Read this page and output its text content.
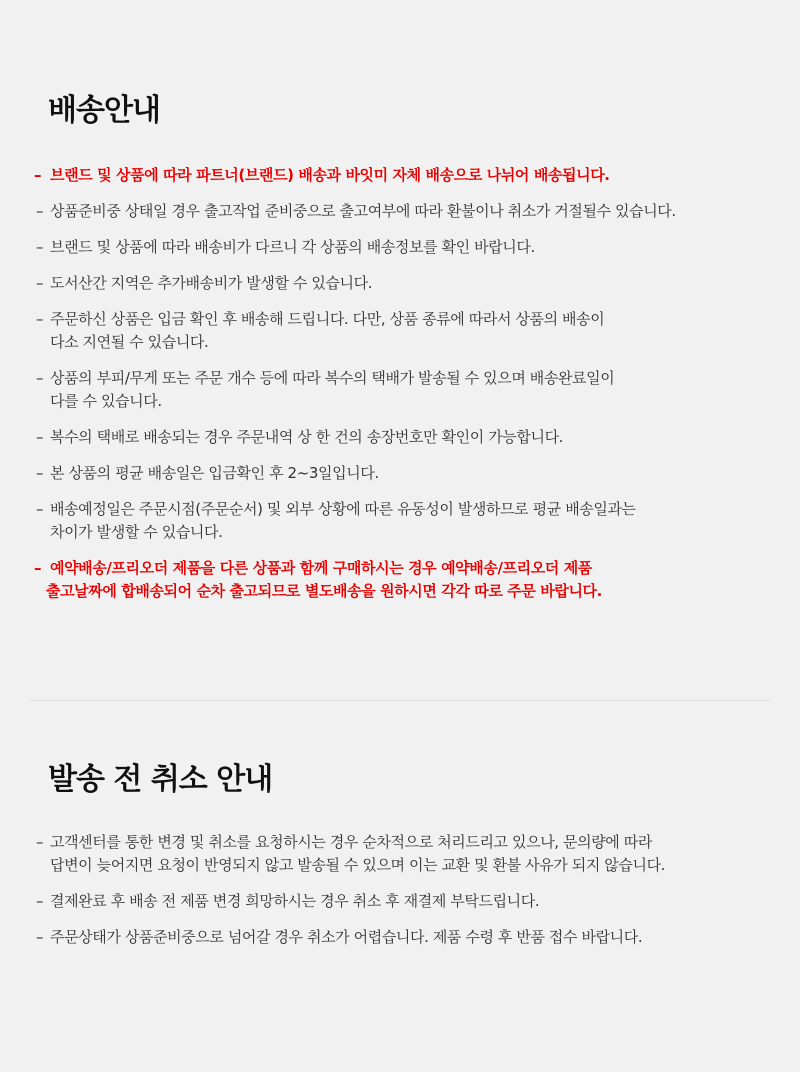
배송안내
– 브랜드 및 상품에 따라 파트너(브랜드) 배송과 바잇미 자체 배송으로 나뉘어 배송됩니다.
– 상품준비중 상태일 경우 출고작업 준비중으로 출고여부에 따라 환불이나 취소가 거절될수 있습니다.
– 브랜드 및 상품에 따라 배송비가 다르니 각 상품의 배송정보를 확인 바랍니다.
– 도서산간 지역은 추가배송비가 발생할 수 있습니다.
– 주문하신 상품은 입금 확인 후 배송해 드립니다. 다만, 상품 종류에 따라서 상품의 배송이
다소 지연될 수 있습니다.
– 상품의 부피/무게 또는 주문 개수 등에 따라 복수의 택배가 발송될 수 있으며 배송완료일이
다를 수 있습니다.
– 복수의 택배로 배송되는 경우 주문내역 상 한 건의 송장번호만 확인이 가능합니다.
– 본 상품의 평균 배송일은 입금확인 후 2~3일입니다.
– 배송예정일은 주문시점(주문순서) 및 외부 상황에 따른 유동성이 발생하므로 평균 배송일과는
차이가 발생할 수 있습니다.
– 예약배송/프리오더 제품을 다른 상품과 함께 구매하시는 경우 예약배송/프리오더 제품
출고날짜에 합배송되어 순차 출고되므로 별도배송을 원하시면 각각 따로 주문 바랍니다.
발송 전 취소 안내
– 고객센터를 통한 변경 및 취소를 요청하시는 경우 순차적으로 처리드리고 있으나, 문의량에 따라
답변이 늦어지면 요청이 반영되지 않고 발송될 수 있으며 이는 교환 및 환불 사유가 되지 않습니다.
– 결제완료 후 배송 전 제품 변경 희망하시는 경우 취소 후 재결제 부탁드립니다.
– 주문상태가 상품준비중으로 넘어갈 경우 취소가 어렵습니다. 제품 수령 후 반품 접수 바랍니다.
